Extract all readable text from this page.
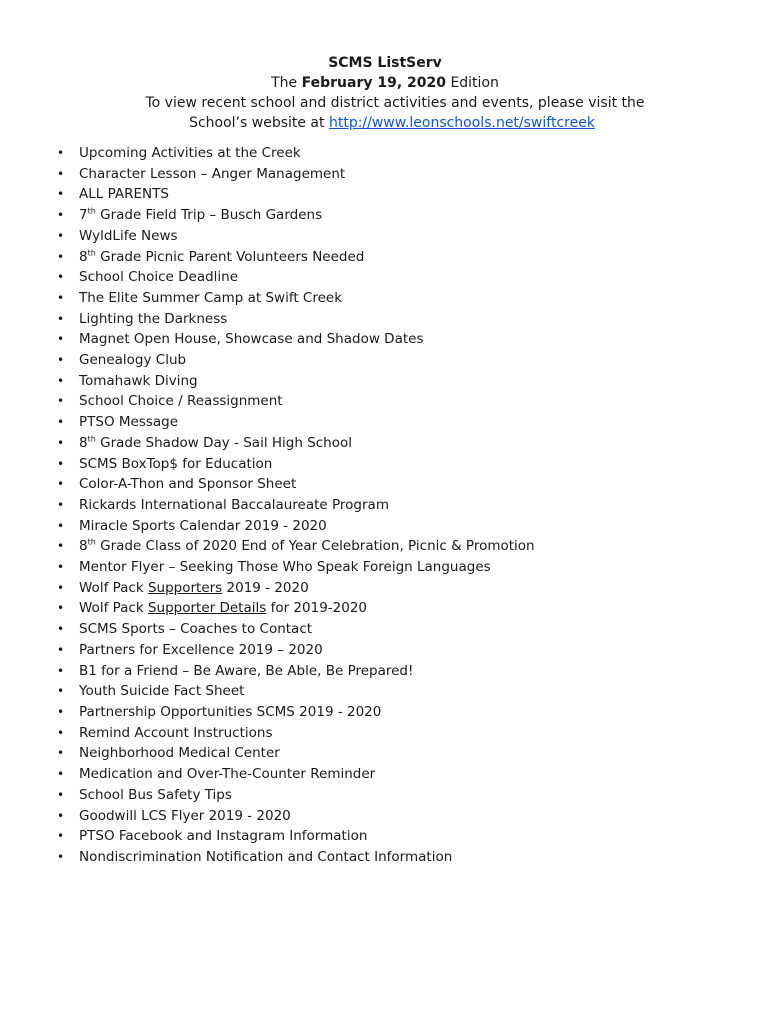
SCMS ListServ
The February 19, 2020 Edition
To view recent school and district activities and events, please visit the
School’s website at http://www.leonschools.net/swiftcreek
• Upcoming Activities at the Creek
• Character Lesson – Anger Management
• ALL PARENTS
• 7th Grade Field Trip – Busch Gardens
• WyldLife News
• 8th Grade Picnic Parent Volunteers Needed
• School Choice Deadline
• The Elite Summer Camp at Swift Creek
• Lighting the Darkness
• Magnet Open House, Showcase and Shadow Dates
• Genealogy Club
• Tomahawk Diving
• School Choice / Reassignment
• PTSO Message
• 8th Grade Shadow Day - Sail High School
• SCMS BoxTop$ for Education
• Color-A-Thon and Sponsor Sheet
• Rickards International Baccalaureate Program
• Miracle Sports Calendar 2019 - 2020
• 8th Grade Class of 2020 End of Year Celebration, Picnic & Promotion
• Mentor Flyer – Seeking Those Who Speak Foreign Languages
• Wolf Pack Supporters 2019 - 2020
• Wolf Pack Supporter Details for 2019-2020
• SCMS Sports – Coaches to Contact
• Partners for Excellence 2019 – 2020
• B1 for a Friend – Be Aware, Be Able, Be Prepared!
• Youth Suicide Fact Sheet
• Partnership Opportunities SCMS 2019 - 2020
• Remind Account Instructions
• Neighborhood Medical Center
• Medication and Over-The-Counter Reminder
• School Bus Safety Tips
• Goodwill LCS Flyer 2019 - 2020
• PTSO Facebook and Instagram Information
• Nondiscrimination Notification and Contact Information
